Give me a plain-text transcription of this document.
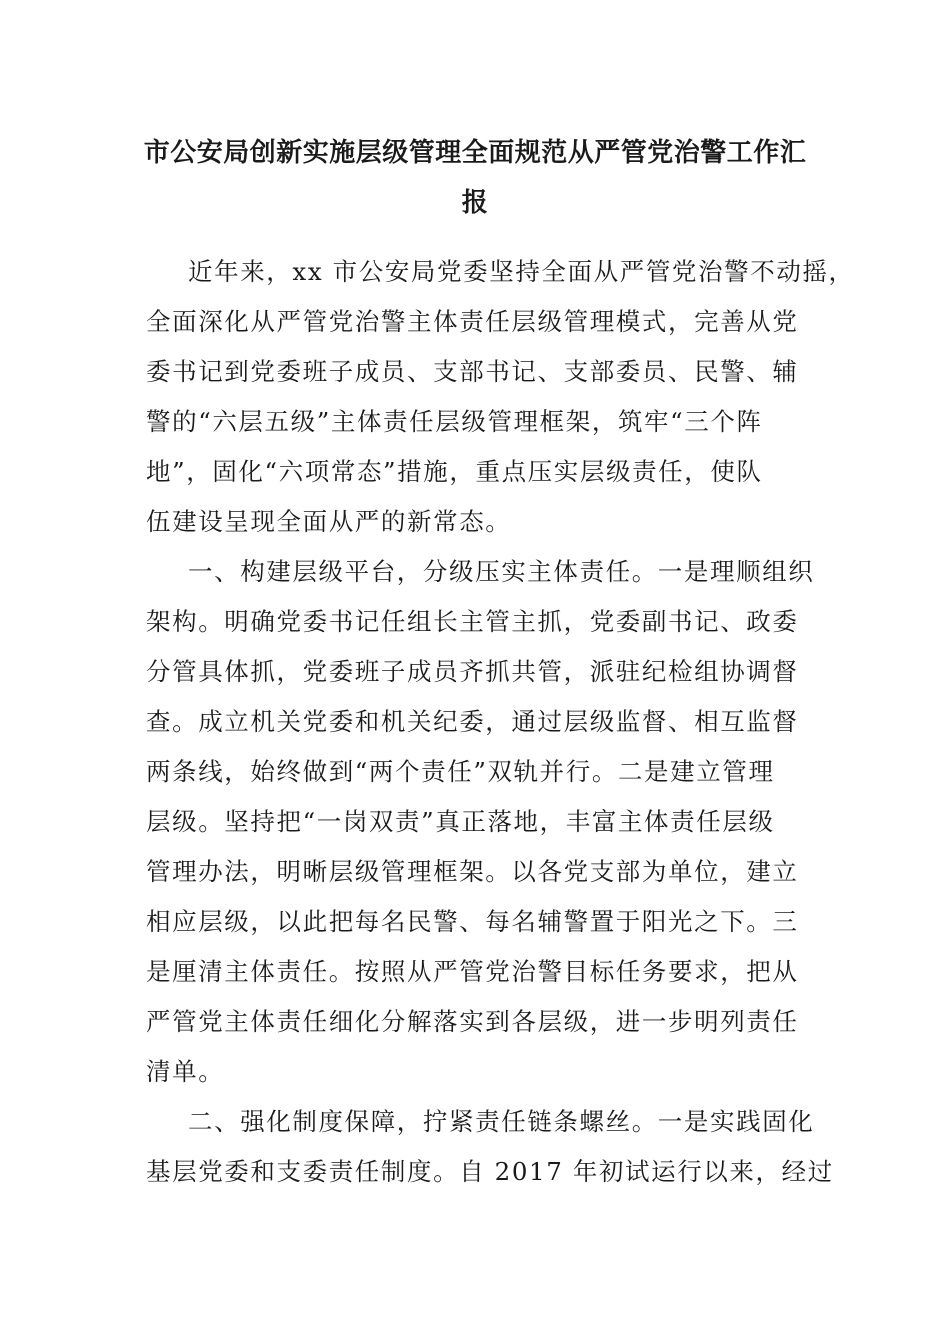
市公安局创新实施层级管理全面规范从严管党治警工作汇
报
近年来，xx 市公安局党委坚持全面从严管党治警不动摇，
全面深化从严管党治警主体责任层级管理模式，完善从党
委书记到党委班子成员、支部书记、支部委员、民警、辅
警的“六层五级”主体责任层级管理框架，筑牢“三个阵
地”，固化“六项常态”措施，重点压实层级责任，使队
伍建设呈现全面从严的新常态。
一、构建层级平台，分级压实主体责任。一是理顺组织
架构。明确党委书记任组长主管主抓，党委副书记、政委
分管具体抓，党委班子成员齐抓共管，派驻纪检组协调督
查。成立机关党委和机关纪委，通过层级监督、相互监督
两条线，始终做到“两个责任”双轨并行。二是建立管理
层级。坚持把“一岗双责”真正落地，丰富主体责任层级
管理办法，明晰层级管理框架。以各党支部为单位，建立
相应层级，以此把每名民警、每名辅警置于阳光之下。三
是厘清主体责任。按照从严管党治警目标任务要求，把从
严管党主体责任细化分解落实到各层级，进一步明列责任
清单。
二、强化制度保障，拧紧责任链条螺丝。一是实践固化
基层党委和支委责任制度。自 2017 年初试运行以来，经过
